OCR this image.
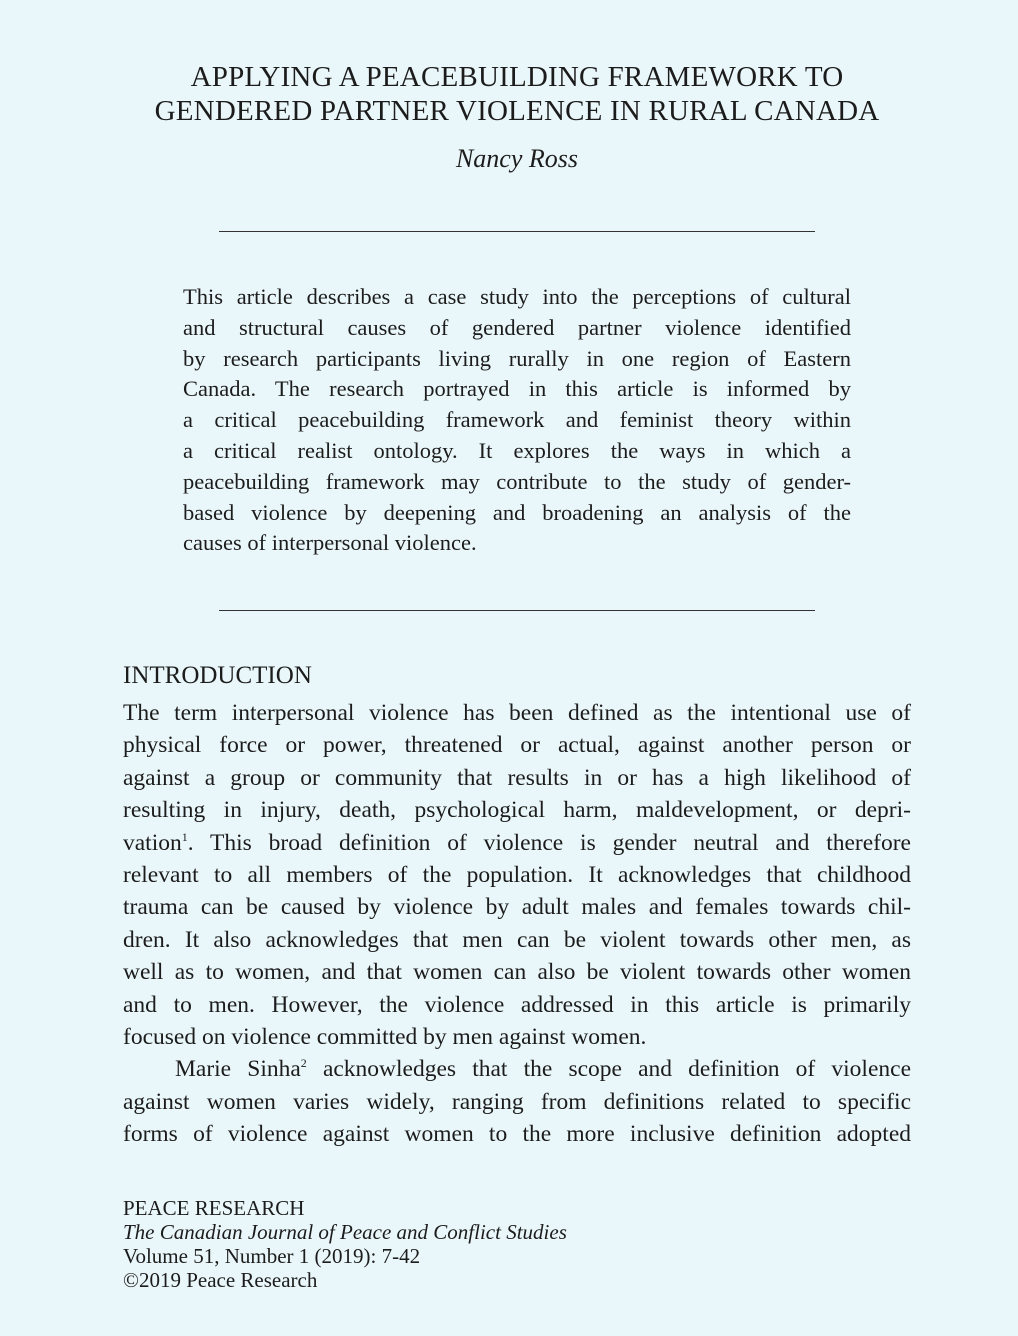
APPLYING A PEACEBUILDING FRAMEWORK TO
GENDERED PARTNER VIOLENCE IN RURAL CANADA

Nancy Ross

This article describes a case study into the perceptions of cultural
and structural causes of gendered partner violence identified
by research participants living rurally in one region of Eastern
Canada. The research portrayed in this article is informed by
a critical peacebuilding framework and feminist theory within
a critical realist ontology. It explores the ways in which a
peacebuilding framework may contribute to the study of gender-
based violence by deepening and broadening an analysis of the
causes of interpersonal violence.

INTRODUCTION
The term interpersonal violence has been defined as the intentional use of
physical force or power, threatened or actual, against another person or
against a group or community that results in or has a high likelihood of
resulting in injury, death, psychological harm, maldevelopment, or depri-
vation$^1$. This broad definition of violence is gender neutral and therefore
relevant to all members of the population. It acknowledges that childhood
trauma can be caused by violence by adult males and females towards chil-
dren. It also acknowledges that men can be violent towards other men, as
well as to women, and that women can also be violent towards other women
and to men. However, the violence addressed in this article is primarily
focused on violence committed by men against women.
Marie Sinha$^2$ acknowledges that the scope and definition of violence
against women varies widely, ranging from definitions related to specific
forms of violence against women to the more inclusive definition adopted
PEACE RESEARCH
The Canadian Journal of Peace and Conflict Studies
Volume 51, Number 1 (2019): 7-42
©2019 Peace Research
